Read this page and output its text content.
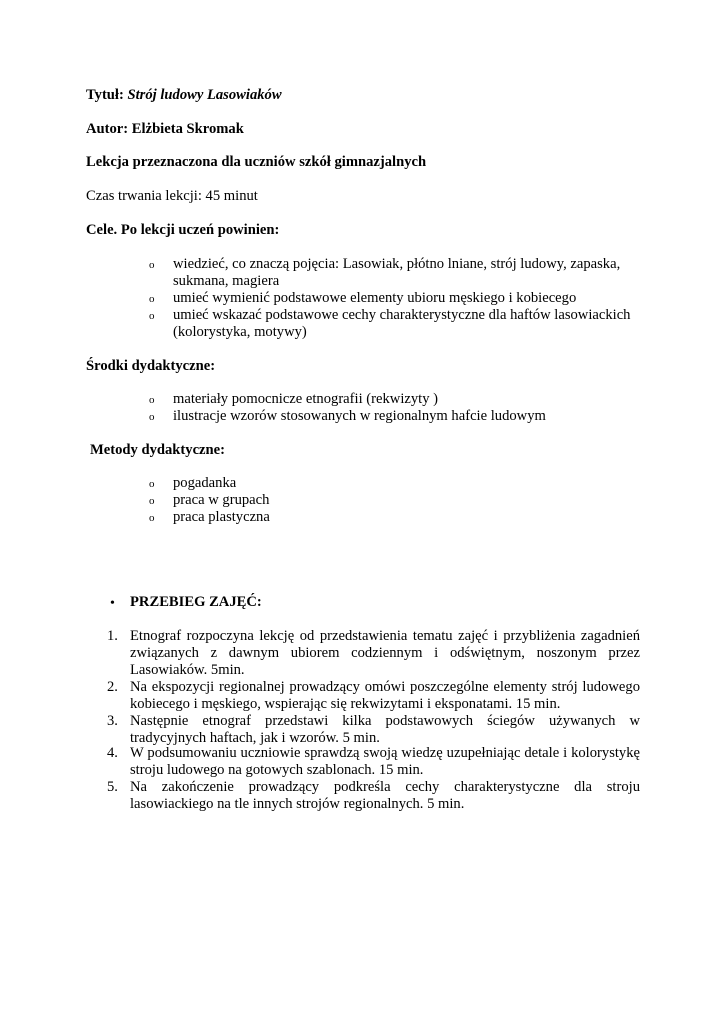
Tytuł: Strój ludowy Lasowiaków
Autor: Elżbieta Skromak
Lekcja przeznaczona dla uczniów szkół gimnazjalnych
Czas trwania lekcji: 45 minut
Cele. Po lekcji uczeń powinien:
o wiedzieć, co znaczą pojęcia: Lasowiak, płótno lniane, strój ludowy, zapaska, sukmana, magiera
o umieć wymienić podstawowe elementy ubioru męskiego i kobiecego
o umieć wskazać podstawowe cechy charakterystyczne dla haftów lasowiackich (kolorystyka, motywy)
Środki dydaktyczne:
o materiały pomocnicze etnografii (rekwizyty )
o ilustracje wzorów stosowanych w regionalnym hafcie ludowym
Metody dydaktyczne:
o pogadanka
o praca w grupach
o praca plastyczna
• PRZEBIEG ZAJĘĆ:
1. Etnograf rozpoczyna lekcję od przedstawienia tematu zajęć i przybliżenia zagadnień związanych z dawnym ubiorem codziennym i odświętnym, noszonym przez Lasowiaków. 5min.
2. Na ekspozycji regionalnej prowadzący omówi poszczególne elementy strój ludowego kobiecego i męskiego, wspierając się rekwizytami i eksponatami. 15 min.
3. Następnie etnograf przedstawi kilka podstawowych ściegów używanych w tradycyjnych haftach, jak i wzorów. 5 min.
4. W podsumowaniu uczniowie sprawdzą swoją wiedzę uzupełniając detale i kolorystykę stroju ludowego na gotowych szablonach. 15 min.
5. Na zakończenie prowadzący podkreśla cechy charakterystyczne dla stroju lasowiackiego na tle innych strojów regionalnych. 5 min.
